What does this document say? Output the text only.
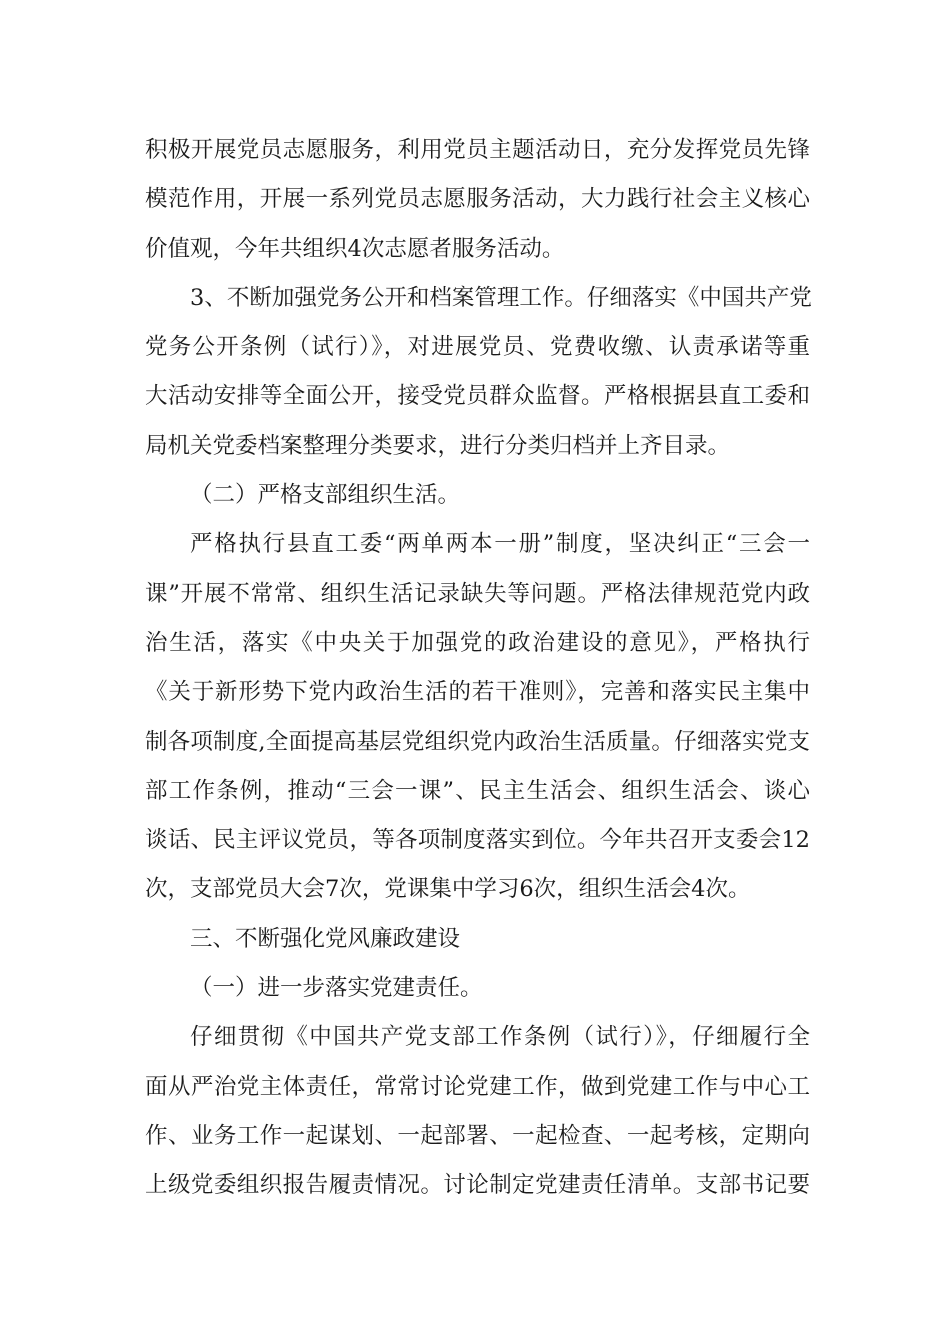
积极开展党员志愿服务，利用党员主题活动日，充分发挥党员先锋
模范作用，开展一系列党员志愿服务活动，大力践行社会主义核心
价值观，今年共组织4次志愿者服务活动。
3、不断加强党务公开和档案管理工作。仔细落实《中国共产党
党务公开条例（试行）》，对进展党员、党费收缴、认责承诺等重
大活动安排等全面公开，接受党员群众监督。严格根据县直工委和
局机关党委档案整理分类要求，进行分类归档并上齐目录。
（二）严格支部组织生活。
严格执行县直工委“两单两本一册”制度，坚决纠正“三会一
课”开展不常常、组织生活记录缺失等问题。严格法律规范党内政
治生活，落实《中央关于加强党的政治建设的意见》，严格执行
《关于新形势下党内政治生活的若干准则》，完善和落实民主集中
制各项制度,全面提高基层党组织党内政治生活质量。仔细落实党支
部工作条例，推动“三会一课”、民主生活会、组织生活会、谈心
谈话、民主评议党员，等各项制度落实到位。今年共召开支委会12
次，支部党员大会7次，党课集中学习6次，组织生活会4次。
三、不断强化党风廉政建设
（一）进一步落实党建责任。
仔细贯彻《中国共产党支部工作条例（试行）》，仔细履行全
面从严治党主体责任，常常讨论党建工作，做到党建工作与中心工
作、业务工作一起谋划、一起部署、一起检查、一起考核，定期向
上级党委组织报告履责情况。讨论制定党建责任清单。支部书记要
